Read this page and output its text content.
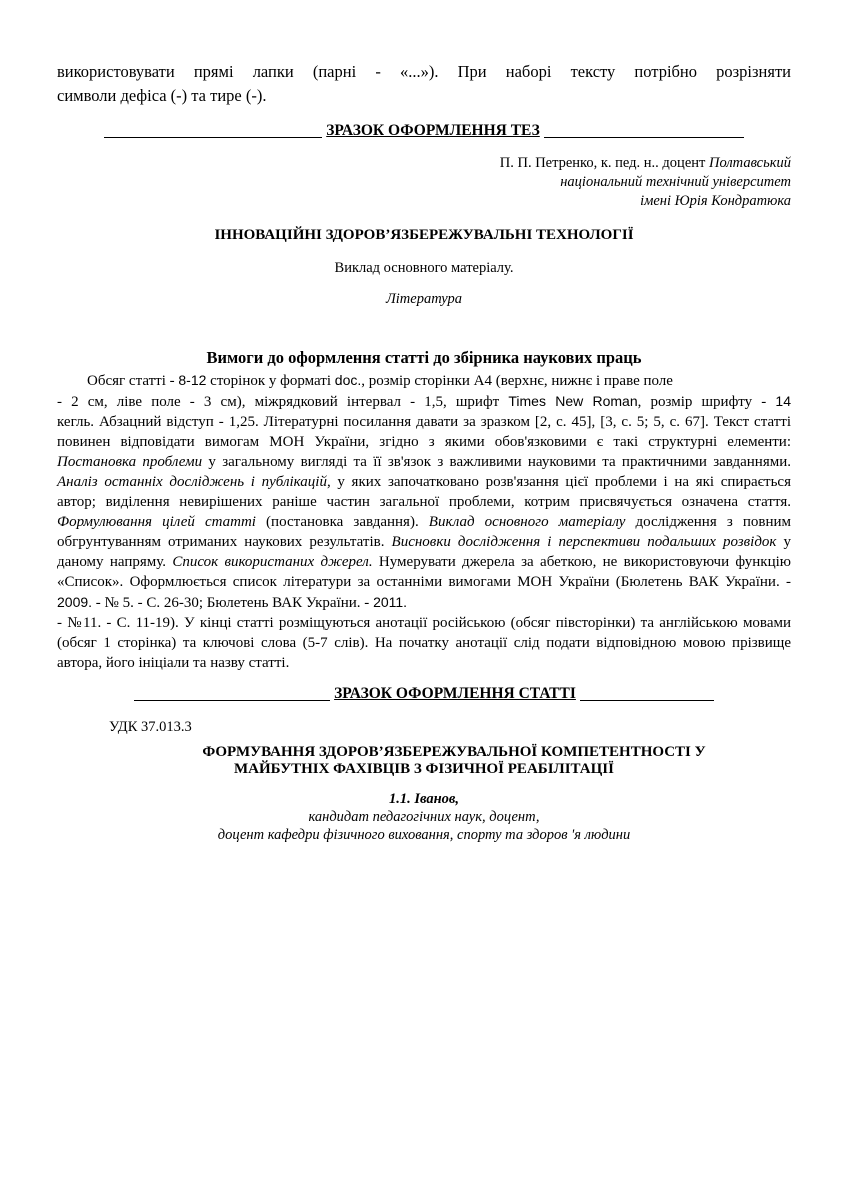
використовувати прямі лапки (парні - «...»). При наборі тексту потрібно розрізняти

символи дефіса (-) та тире (-).

ЗРАЗОК ОФОРМЛЕННЯ ТЕЗ
П. П. Петренко, к. пед. н.. доцент Полтавський
національний технічний університет
імені Юрія Кондратюка
ІННОВАЦІЙНІ ЗДОРОВ’ЯЗБЕРЕЖУВАЛЬНІ ТЕХНОЛОГІЇ
Виклад основного матеріалу.
Література
Вимоги до оформлення статті до збірника наукових праць
Обсяг статті - 8-12 сторінок у форматі doc., розмір сторінки А4 (верхнє, нижнє і праве поле
- 2 см, ліве поле - 3 см), міжрядковий інтервал - 1,5, шрифт Times New Roman, розмір шрифту - 14
кегль. Абзацний відступ - 1,25. Літературні посилання давати за зразком [2, с. 45], [3, с. 5; 5, с. 67]. Текст статті повинен відповідати вимогам МОН України, згідно з якими обов'язковими є такі структурні елементи: Постановка проблеми у загальному вигляді та її зв'язок з важливими науковими та практичними завданнями. Аналіз останніх досліджень і публікацій, у яких започатковано розв'язання цієї проблеми і на які спирається автор; виділення невирішених раніше частин загальної проблеми, котрим присвячується означена стаття. Формулювання цілей статті (постановка завдання). Виклад основного матеріалу дослідження з повним обгрунтуванням отриманих наукових результатів. Висновки дослідження і перспективи подальших розвідок у даному напряму. Список використаних джерел. Нумерувати джерела за абеткою, не використовуючи функцію «Список». Оформлюється список літератури за останніми вимогами МОН України (Бюлетень ВАК України. - 2009. - № 5. - С. 26-30; Бюлетень ВАК України. - 2011.
- №11. - С. 11-19). У кінці статті розміщуються анотації російською (обсяг півсторінки) та англійською мовами (обсяг 1 сторінка) та ключові слова (5-7 слів). На початку анотації слід подати відповідною мовою прізвище автора, його ініціали та назву статті.
ЗРАЗОК ОФОРМЛЕННЯ СТАТТІ
УДК 37.013.3
ФОРМУВАННЯ ЗДОРОВ’ЯЗБЕРЕЖУВАЛЬНОЇ КОМПЕТЕНТНОСТІ У
МАЙБУТНІХ ФАХІВЦІВ З ФІЗИЧНОЇ РЕАБІЛІТАЦІЇ
1.1. Іванов,
кандидат педагогічних наук, доцент,
доцент кафедри фізичного виховання, спорту та здоров 'я людини
